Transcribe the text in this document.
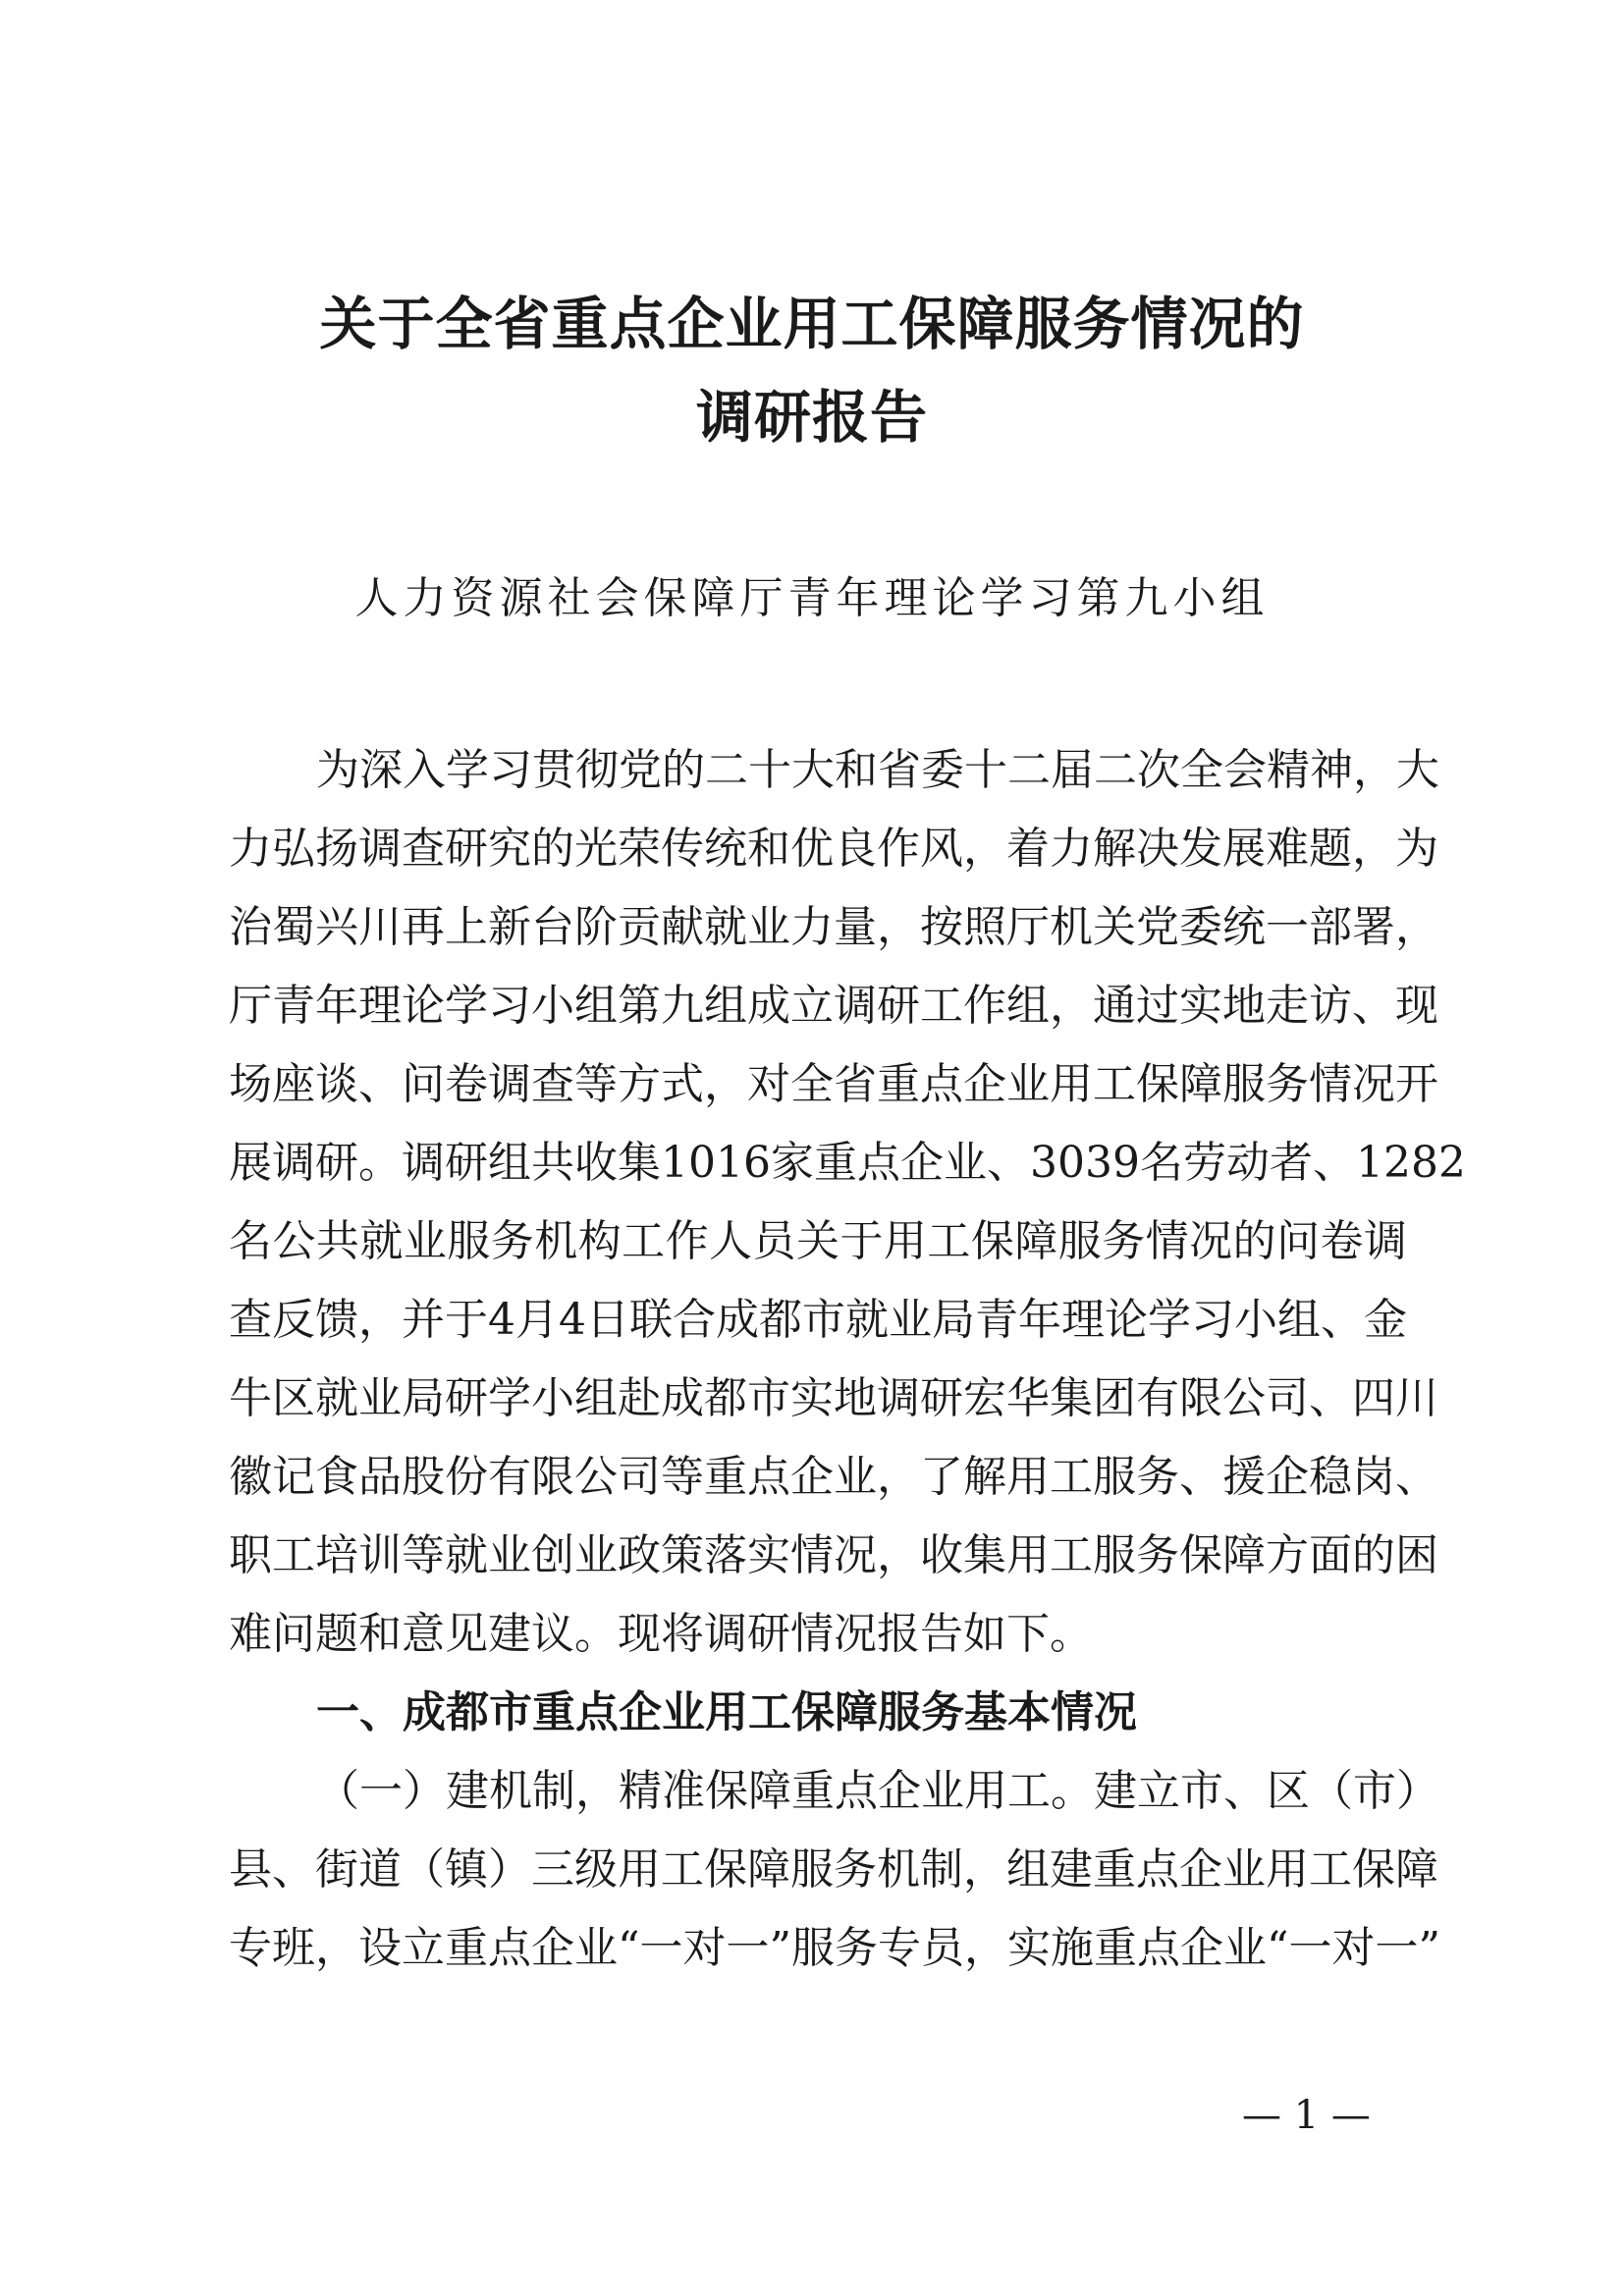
关于全省重点企业用工保障服务情况的
调研报告
人力资源社会保障厅青年理论学习第九小组
为深入学习贯彻党的二十大和省委十二届二次全会精神，大
力弘扬调查研究的光荣传统和优良作风，着力解决发展难题，为
治蜀兴川再上新台阶贡献就业力量，按照厅机关党委统一部署，
厅青年理论学习小组第九组成立调研工作组，通过实地走访、现
场座谈、问卷调查等方式，对全省重点企业用工保障服务情况开
展调研。调研组共收集1016家重点企业、3039名劳动者、1282
名公共就业服务机构工作人员关于用工保障服务情况的问卷调
查反馈，并于4月4日联合成都市就业局青年理论学习小组、金
牛区就业局研学小组赴成都市实地调研宏华集团有限公司、四川
徽记食品股份有限公司等重点企业，了解用工服务、援企稳岗、
职工培训等就业创业政策落实情况，收集用工服务保障方面的困
难问题和意见建议。现将调研情况报告如下。
一、成都市重点企业用工保障服务基本情况
（一）建机制，精准保障重点企业用工。建立市、区（市）
县、街道（镇）三级用工保障服务机制，组建重点企业用工保障
专班，设立重点企业“一对一”服务专员，实施重点企业“一对一”
— 1 —
